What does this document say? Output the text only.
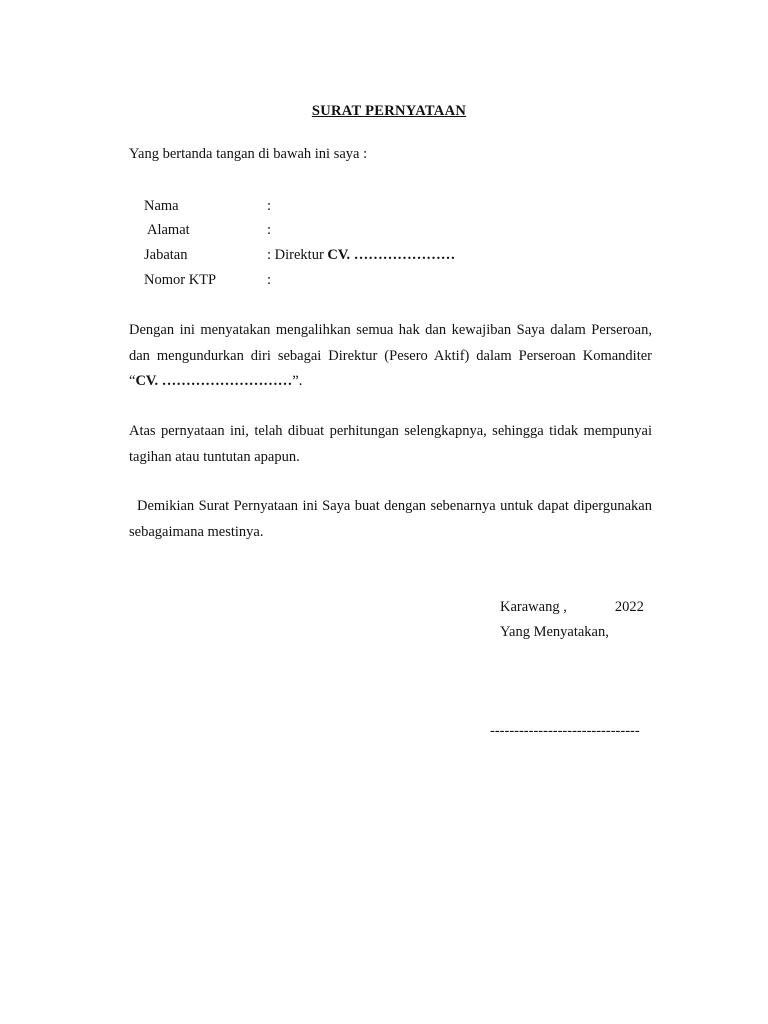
SURAT PERNYATAAN
Yang bertanda tangan di bawah ini saya :
Nama	:
Alamat	:
Jabatan	: Direktur CV. …………………
Nomor KTP	:

Dengan ini menyatakan mengalihkan semua hak dan kewajiban Saya dalam Perseroan, dan mengundurkan diri sebagai Direktur (Pesero Aktif) dalam Perseroan Komanditer “CV. ………………………”.

Atas pernyataan ini, telah dibuat perhitungan selengkapnya, sehingga tidak mempunyai tagihan atau tuntutan apapun.

Demikian Surat Pernyataan ini Saya buat dengan sebenarnya untuk dapat dipergunakan sebagaimana mestinya.

Karawang ,	2022
Yang Menyatakan,
-------------------------------
